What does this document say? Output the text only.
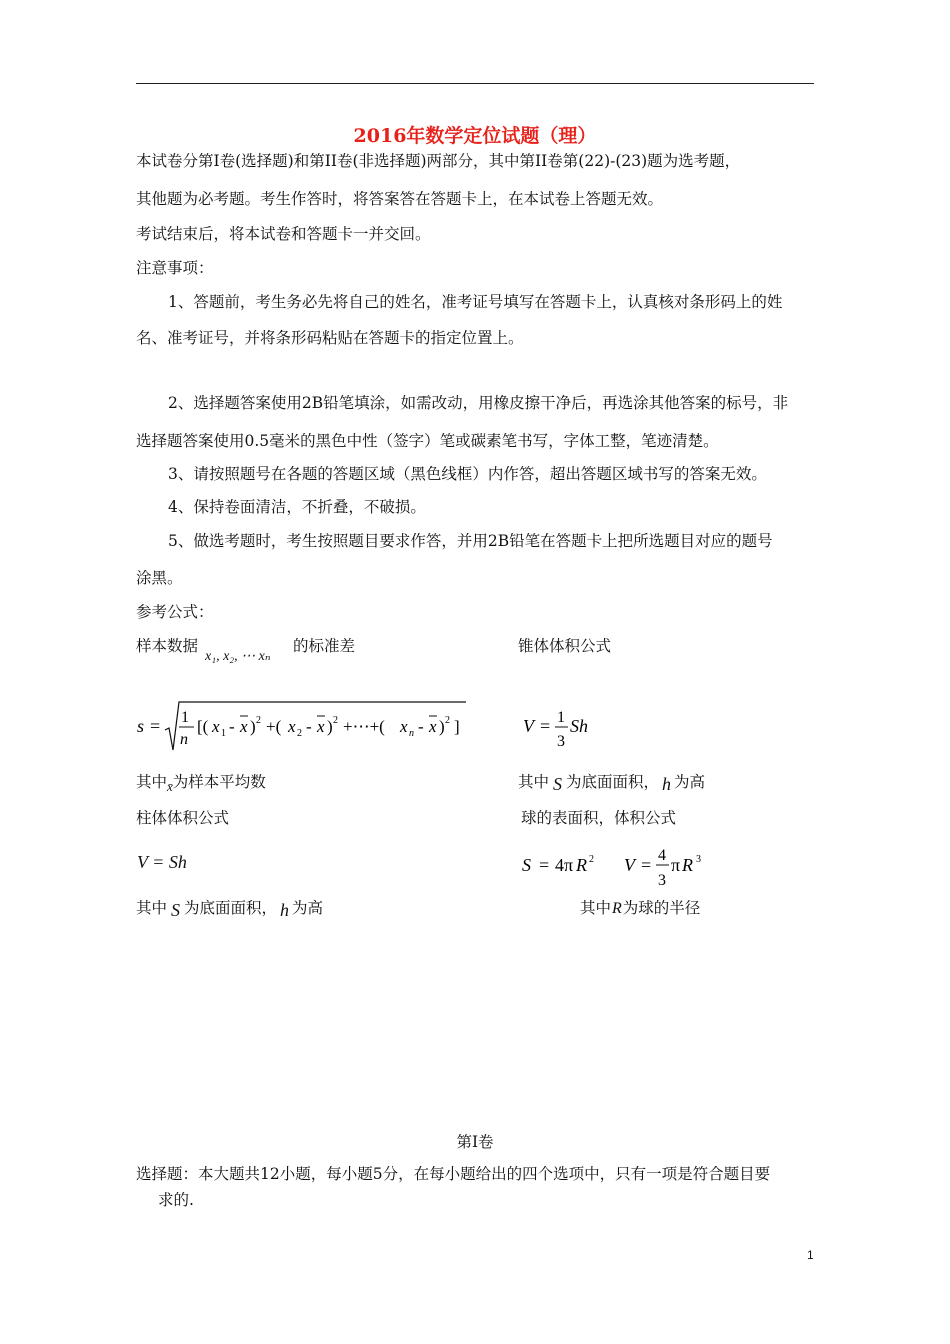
2016年数学定位试题（理）
本试卷分第Ⅰ卷(选择题)和第II卷(非选择题)两部分，其中第II卷第(22)-(23)题为选考题，
其他题为必考题。考生作答时，将答案答在答题卡上，在本试卷上答题无效。
考试结束后，将本试卷和答题卡一并交回。
注意事项：
1、答题前，考生务必先将自己的姓名，准考证号填写在答题卡上，认真核对条形码上的姓
名、准考证号，并将条形码粘贴在答题卡的指定位置上。
2、选择题答案使用2B铅笔填涂，如需改动，用橡皮擦干净后，再选涂其他答案的标号，非
选择题答案使用0.5毫米的黑色中性（签字）笔或碳素笔书写，字体工整，笔迹清楚。
3、请按照题号在各题的答题区域（黑色线框）内作答，超出答题区域书写的答案无效。
4、保持卷面清洁，不折叠，不破损。
5、做选考题时，考生按照题目要求作答，并用2B铅笔在答题卡上把所选题目对应的题号
涂黑。
参考公式：
样本数据
x₁, x₂, ⋯ xₙ
的标准差	锥体体积公式
s = 1
n
[( x 1 - x ) 2 +( x 2 - x ) 2 +⋯+( x n - x ) 2 ]	V = 1
3
Sh
其中$_{x̄}$为样本平均数	其中 S 为底面面积， h 为高
柱体体积公式	球的表面积，体积公式
V = Sh	S = 4π R 2 V = 4
3
π R 3
其中 S 为底面面积， h 为高	其中R为球的半径
第Ⅰ卷
选择题：本大题共12小题，每小题5分，在每小题给出的四个选项中，只有一项是符合题目要
求的.
1
